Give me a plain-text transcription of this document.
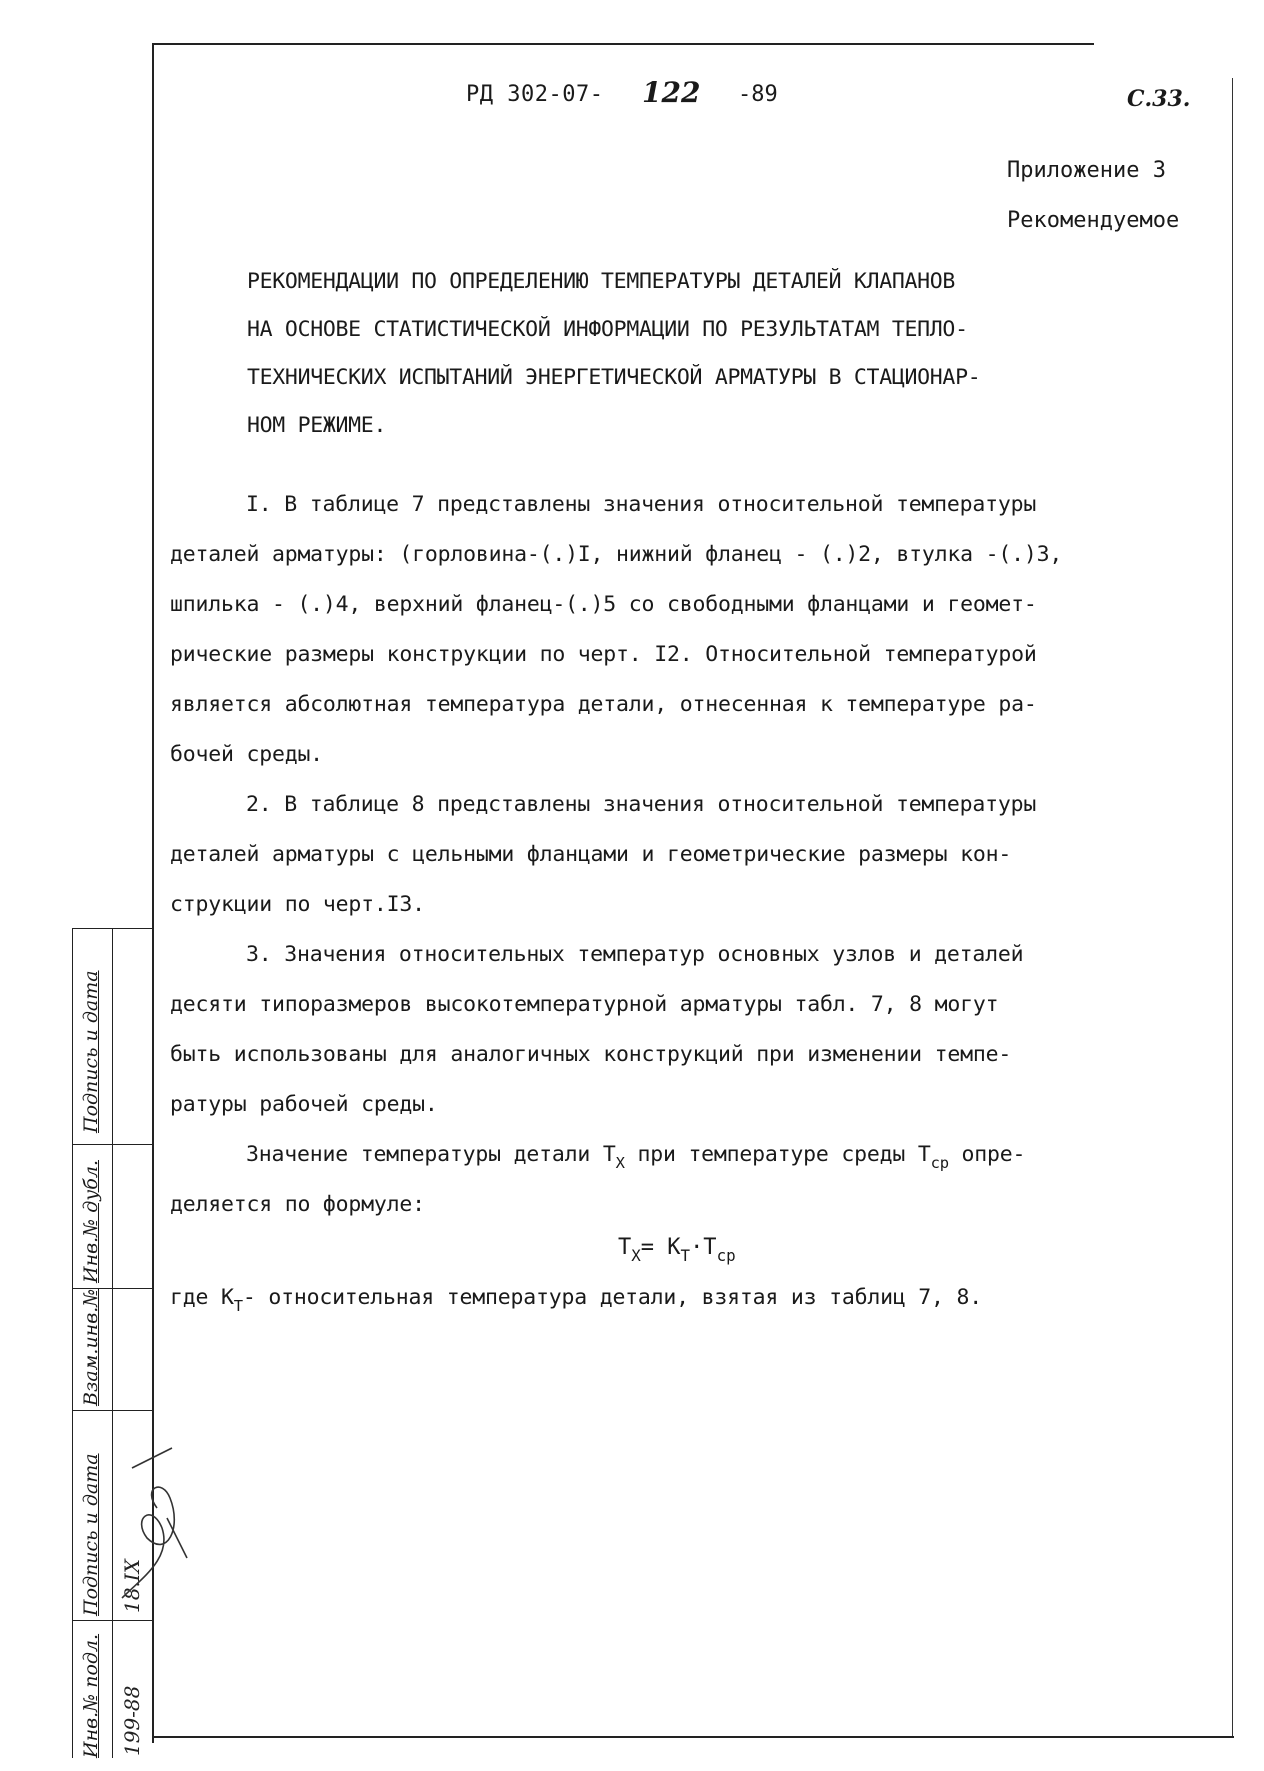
РД 302-07- 122 -89	С.33.
Приложение 3
Рекомендуемое
РЕКОМЕНДАЦИИ ПО ОПРЕДЕЛЕНИЮ ТЕМПЕРАТУРЫ ДЕТАЛЕЙ КЛАПАНОВ
НА ОСНОВЕ СТАТИСТИЧЕСКОЙ ИНФОРМАЦИИ ПО РЕЗУЛЬТАТАМ ТЕПЛО-
ТЕХНИЧЕСКИХ ИСПЫТАНИЙ ЭНЕРГЕТИЧЕСКОЙ АРМАТУРЫ В СТАЦИОНАР-
НОМ РЕЖИМЕ.
I. В таблице 7 представлены значения относительной температуры
деталей арматуры: (горловина-(.)I, нижний фланец - (.)2, втулка -(.)3,
шпилька - (.)4, верхний фланец-(.)5 со свободными фланцами и геомет-
рические размеры конструкции по черт. I2. Относительной температурой
является абсолютная температура детали, отнесенная к температуре ра-
бочей среды.
2. В таблице 8 представлены значения относительной температуры
деталей арматуры с цельными фланцами и геометрические размеры кон-
струкции по черт.I3.
3. Значения относительных температур основных узлов и деталей
десяти типоразмеров высокотемпературной арматуры табл. 7, 8 могут
быть использованы для аналогичных конструкций при изменении темпе-
ратуры рабочей среды.
Значение температуры детали $T_X$ при температуре среды $T_{ср}$ опре-
деляется по формуле:
$T_X= K_Т\cdot T_{ср}$
где $K_Т-$ относительная температура детали, взятая из таблиц 7, 8.
Подпись и дата
Инв.№ дубл.
Взам.инв.№
Подпись и дата
Инв.№ подл. 199-88
18.IX
